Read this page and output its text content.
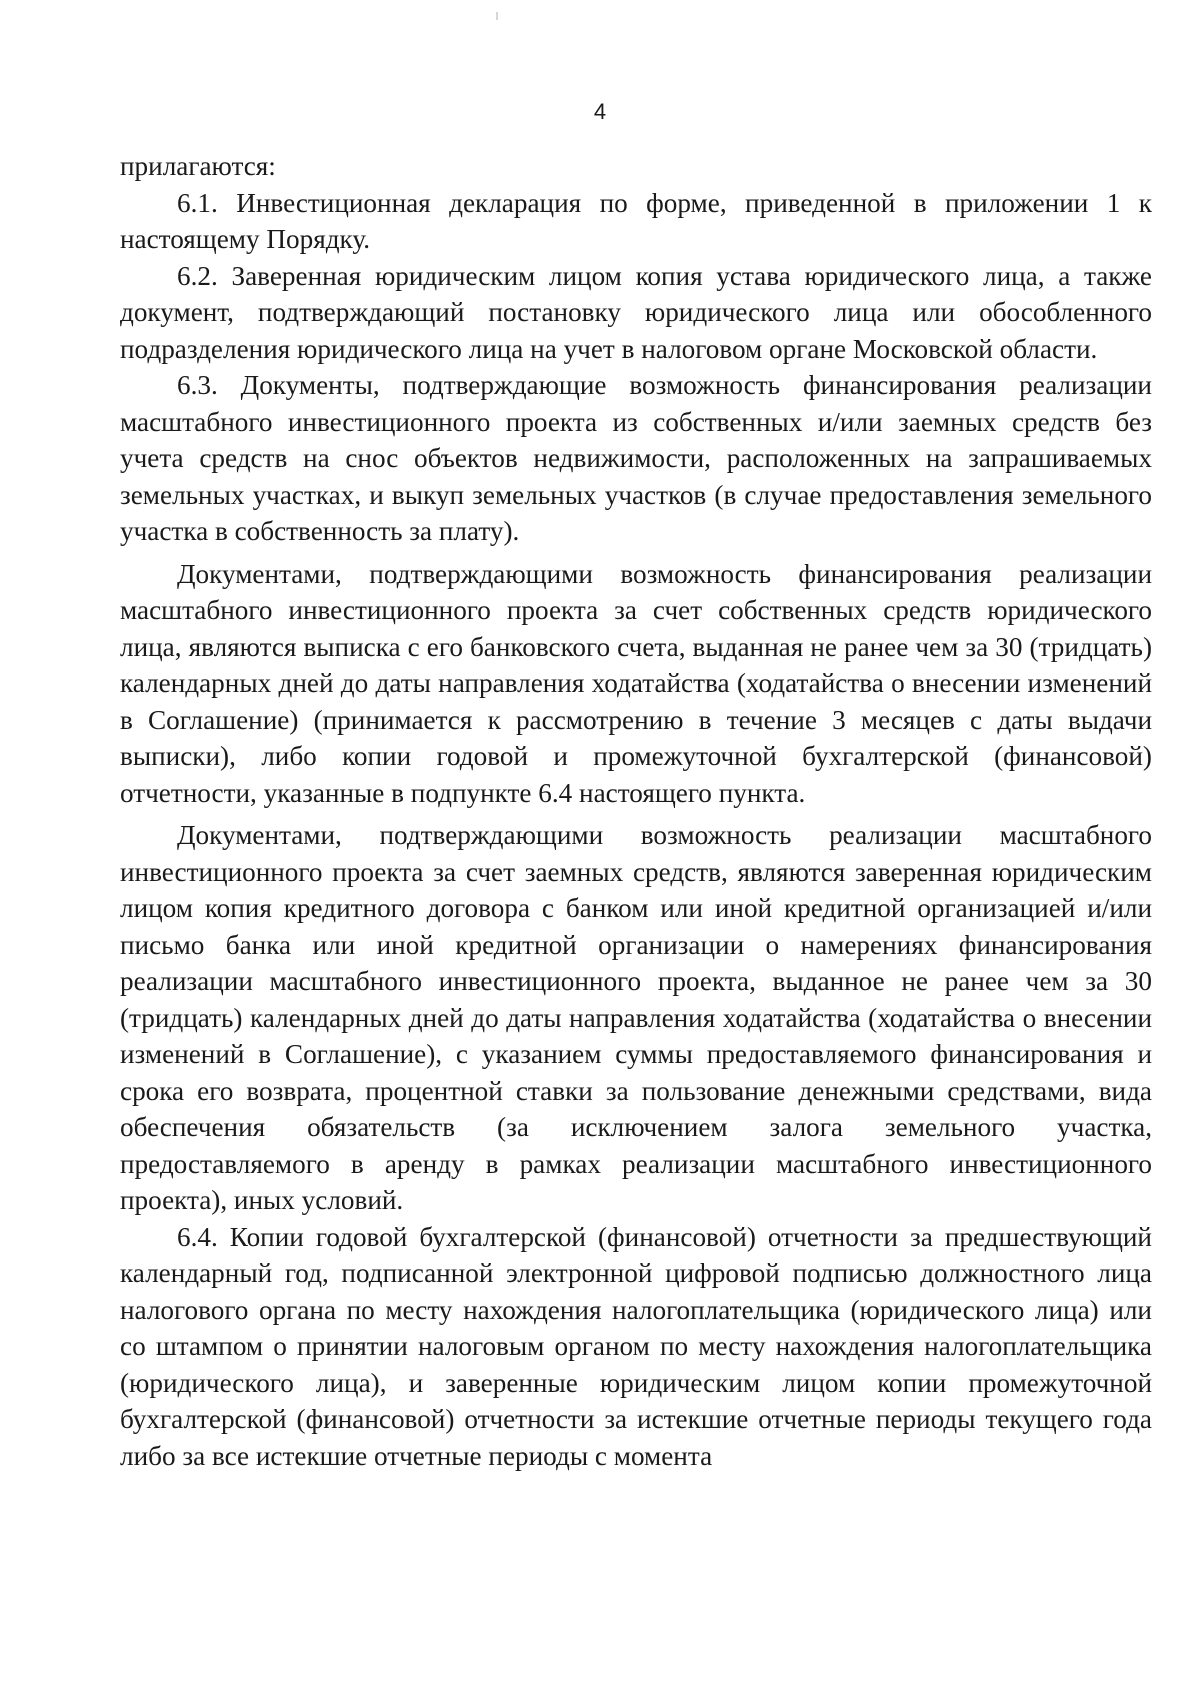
4

прилагаются:

6.1. Инвестиционная декларация по форме, приведенной в приложении 1 к настоящему Порядку.

6.2. Заверенная юридическим лицом копия устава юридического лица, а также документ, подтверждающий постановку юридического лица или обособленного подразделения юридического лица на учет в налоговом органе Московской области.

6.3. Документы, подтверждающие возможность финансирования реализации масштабного инвестиционного проекта из собственных и/или заемных средств без учета средств на снос объектов недвижимости, расположенных на запрашиваемых земельных участках, и выкуп земельных участков (в случае предоставления земельного участка в собственность за плату).

Документами, подтверждающими возможность финансирования реализации масштабного инвестиционного проекта за счет собственных средств юридического лица, являются выписка с его банковского счета, выданная не ранее чем за 30 (тридцать) календарных дней до даты направления ходатайства (ходатайства о внесении изменений в Соглашение) (принимается к рассмотрению в течение 3 месяцев с даты выдачи выписки), либо копии годовой и промежуточной бухгалтерской (финансовой) отчетности, указанные в подпункте 6.4 настоящего пункта.

Документами, подтверждающими возможность реализации масштабного инвестиционного проекта за счет заемных средств, являются заверенная юридическим лицом копия кредитного договора с банком или иной кредитной организацией и/или письмо банка или иной кредитной организации о намерениях финансирования реализации масштабного инвестиционного проекта, выданное не ранее чем за 30 (тридцать) календарных дней до даты направления ходатайства (ходатайства о внесении изменений в Соглашение), с указанием суммы предоставляемого финансирования и срока его возврата, процентной ставки за пользование денежными средствами, вида обеспечения обязательств (за исключением залога земельного участка, предоставляемого в аренду в рамках реализации масштабного инвестиционного проекта), иных условий.

6.4. Копии годовой бухгалтерской (финансовой) отчетности за предшествующий календарный год, подписанной электронной цифровой подписью должностного лица налогового органа по месту нахождения налогоплательщика (юридического лица) или со штампом о принятии налоговым органом по месту нахождения налогоплательщика (юридического лица), и заверенные юридическим лицом копии промежуточной бухгалтерской (финансовой) отчетности за истекшие отчетные периоды текущего года либо за все истекшие отчетные периоды с момента
